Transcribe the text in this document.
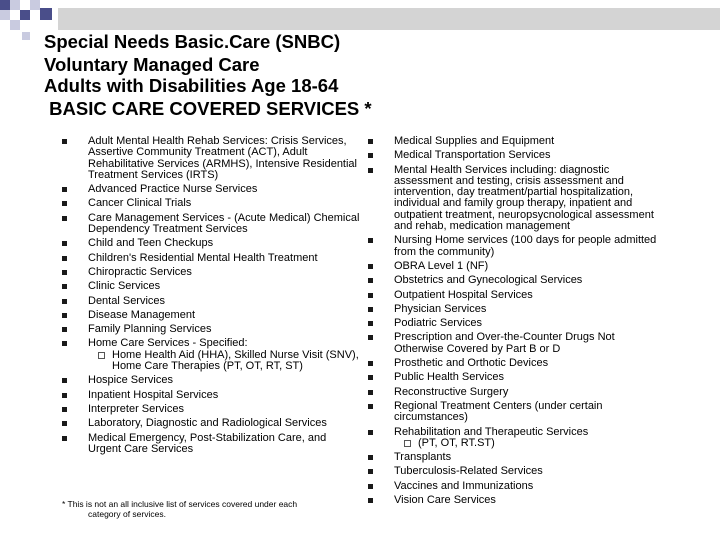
Special Needs Basic.Care (SNBC)
Voluntary Managed Care
Adults with Disabilities Age 18-64
BASIC CARE COVERED SERVICES *
Adult Mental Health Rehab Services: Crisis Services, Assertive Community Treatment (ACT), Adult Rehabilitative Services (ARMHS), Intensive Residential Treatment Services (IRTS)
Advanced Practice Nurse Services
Cancer Clinical Trials
Care Management Services - (Acute Medical) Chemical Dependency Treatment Services
Child and Teen Checkups
Children's Residential Mental Health Treatment
Chiropractic Services
Clinic Services
Dental Services
Disease Management
Family Planning Services
Home Care Services - Specified:
Home Health Aid (HHA), Skilled Nurse Visit (SNV), Home Care Therapies (PT, OT, RT, ST)
Hospice Services
Inpatient Hospital Services
Interpreter Services
Laboratory, Diagnostic and Radiological Services
Medical Emergency, Post-Stabilization Care, and Urgent Care Services
* This is not an all inclusive list of services covered under each
category of services.
Medical Supplies and Equipment
Medical Transportation Services
Mental Health Services including: diagnostic assessment and testing, crisis assessment and intervention, day treatment/partial hospitalization, individual and family group therapy, inpatient and outpatient treatment, neuropsycnological assessment and rehab, medication management
Nursing Home services (100 days for people admitted from the community)
OBRA Level 1 (NF)
Obstetrics and Gynecological Services
Outpatient Hospital Services
Physician Services
Podiatric Services
Prescription and Over-the-Counter Drugs Not Otherwise Covered by Part B or D
Prosthetic and Orthotic Devices
Public Health Services
Reconstructive Surgery
Regional Treatment Centers (under certain circumstances)
Rehabilitation and Therapeutic Services
(PT, OT, RT.ST)
Transplants
Tuberculosis-Related Services
Vaccines and Immunizations
Vision Care Services
